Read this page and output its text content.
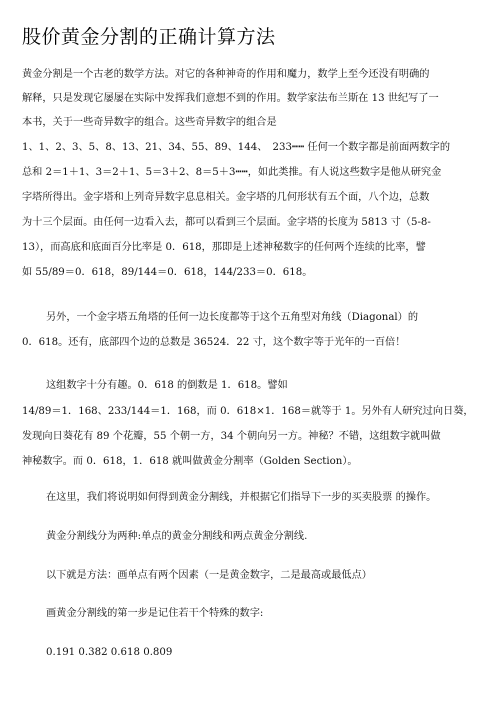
股价黄金分割的正确计算方法
黄金分割是一个古老的数学方法。对它的各种神奇的作用和魔力，数学上至今还没有明确的
解释，只是发现它屡屡在实际中发挥我们意想不到的作用。数学家法布兰斯在 13 世纪写了一
本书，关于一些奇异数字的组合。这些奇异数字的组合是
1、1、2、3、5、8、13、21、34、55、89、144、　233┅┅ 任何一个数字都是前面两数字的
总和 2＝1＋1、3＝2＋1、5＝3＋2、8＝5＋3┅┅，如此类推。有人说这些数字是他从研究金
字塔所得出。金字塔和上列奇异数字息息相关。金字塔的几何形状有五个面，八个边，总数
为十三个层面。由任何一边看入去，都可以看到三个层面。金字塔的长度为 5813 寸（5-8-
13），而高底和底面百分比率是 0．618，那即是上述神秘数字的任何两个连续的比率，譬
如 55/89＝0．618，89/144＝0．618，144/233＝0．618。
另外，一个金字塔五角塔的任何一边长度都等于这个五角型对角线（Diagonal）的
0．618。还有，底部四个边的总数是 36524．22 寸，这个数字等于光年的一百倍！
这组数字十分有趣。0．618 的倒数是 1．618。譬如
14/89＝1．168、233/144＝1．168，而 0．618×1．168＝就等于 1。另外有人研究过向日葵，
发现向日葵花有 89 个花瓣，55 个朝一方，34 个朝向另一方。神秘？不错，这组数字就叫做
神秘数字。而 0．618，1．618 就叫做黄金分割率（Golden Section）。
在这里，我们将说明如何得到黄金分割线，并根据它们指导下一步的买卖股票 的操作。
黄金分割线分为两种:单点的黄金分割线和两点黄金分割线.
以下就是方法：画单点有两个因素（一是黄金数字，二是最高或最低点）
画黄金分割线的第一步是记住若干个特殊的数字:
0.191 0.382 0.618 0.809
